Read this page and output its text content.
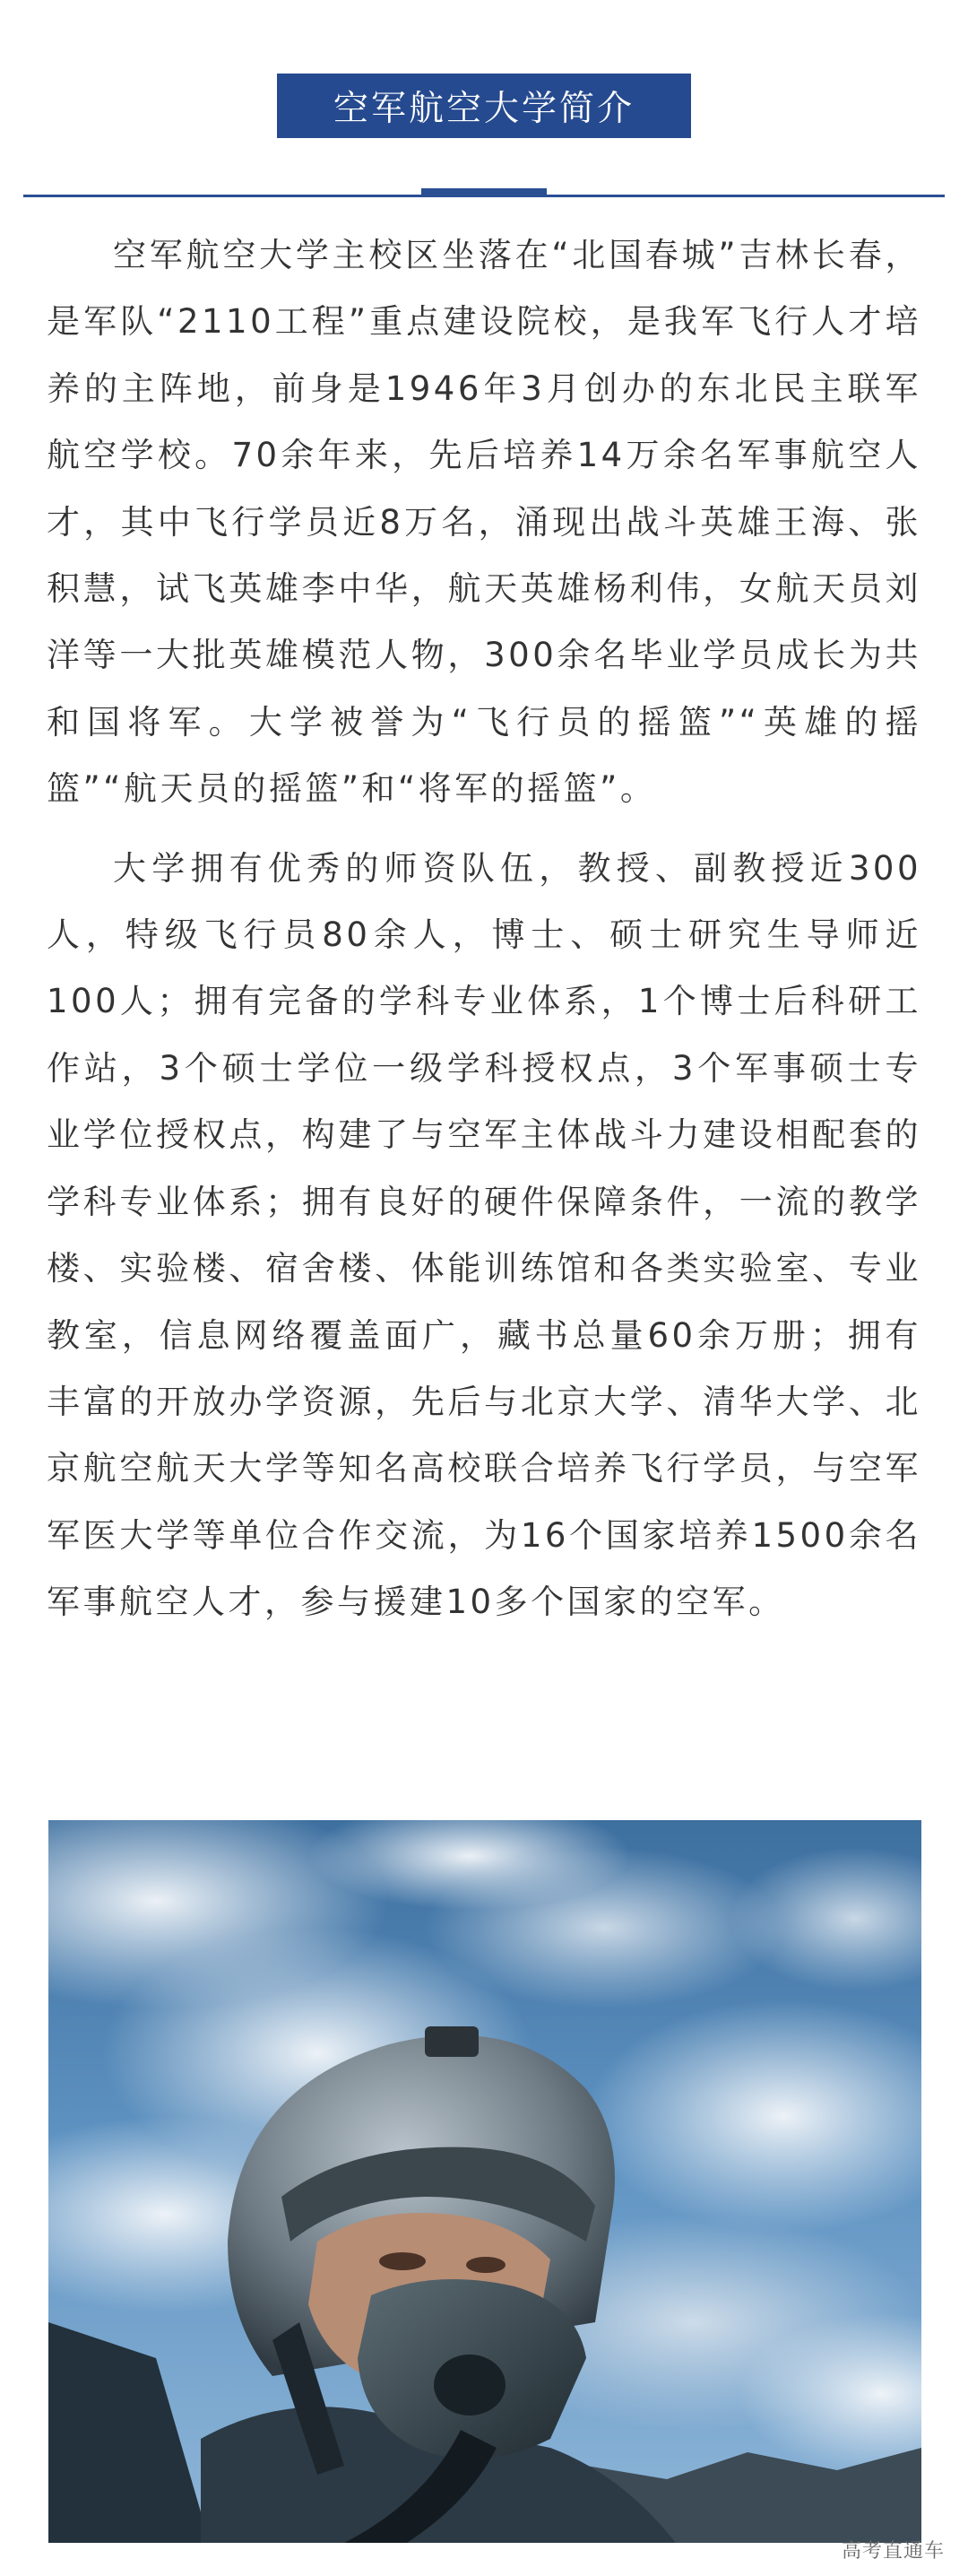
空军航空大学简介

空军航空大学主校区坐落在“北国春城”吉林长春，是军队“2110工程”重点建设院校，是我军飞行人才培养的主阵地，前身是1946年3月创办的东北民主联军航空学校。70余年来，先后培养14万余名军事航空人才，其中飞行学员近8万名，涌现出战斗英雄王海、张积慧，试飞英雄李中华，航天英雄杨利伟，女航天员刘洋等一大批英雄模范人物，300余名毕业学员成长为共和国将军。大学被誉为“飞行员的摇篮”“英雄的摇篮”“航天员的摇篮”和“将军的摇篮”。

大学拥有优秀的师资队伍，教授、副教授近300人，特级飞行员80余人，博士、硕士研究生导师近100人；拥有完备的学科专业体系，1个博士后科研工作站，3个硕士学位一级学科授权点，3个军事硕士专业学位授权点，构建了与空军主体战斗力建设相配套的学科专业体系；拥有良好的硬件保障条件，一流的教学楼、实验楼、宿舍楼、体能训练馆和各类实验室、专业教室，信息网络覆盖面广，藏书总量60余万册；拥有丰富的开放办学资源，先后与北京大学、清华大学、北京航空航天大学等知名高校联合培养飞行学员，与空军军医大学等单位合作交流，为16个国家培养1500余名军事航空人才，参与援建10多个国家的空军。

高考直通车
